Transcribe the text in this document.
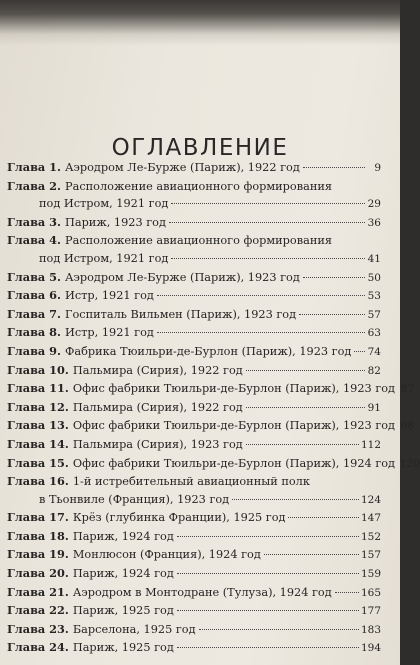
ОГЛАВЛЕНИЕ
Глава 1. Аэродром Ле-Бурже (Париж), 1922 год	9
Глава 2. Расположение авиационного формирования
под Истром, 1921 год	29
Глава 3. Париж, 1923 год	36
Глава 4. Расположение авиационного формирования
под Истром, 1921 год	41
Глава 5. Аэродром Ле-Бурже (Париж), 1923 год	50
Глава 6. Истр, 1921 год	53
Глава 7. Госпиталь Вильмен (Париж), 1923 год	57
Глава 8. Истр, 1921 год	63
Глава 9. Фабрика Тюильри-де-Бурлон (Париж), 1923 год 74
Глава 10. Пальмира (Сирия), 1922 год	82
Глава 11. Офис фабрики Тюильри-де-Бурлон (Париж), 1923 год 87
Глава 12. Пальмира (Сирия), 1922 год	91
Глава 13. Офис фабрики Тюильри-де-Бурлон (Париж), 1923 год 98
Глава 14. Пальмира (Сирия), 1923 год	112
Глава 15. Офис фабрики Тюильри-де-Бурлон (Париж), 1924 год 120
Глава 16. 1-й истребительный авиационный полк
в Тьонвиле (Франция), 1923 год	124
Глава 17. Крёз (глубинка Франции), 1925 год	147
Глава 18. Париж, 1924 год	152
Глава 19. Монлюсон (Франция), 1924 год	157
Глава 20. Париж, 1924 год	159
Глава 21. Аэродром в Монтодране (Тулуза), 1924 год	165
Глава 22. Париж, 1925 год	177
Глава 23. Барселона, 1925 год	183
Глава 24. Париж, 1925 год	194
